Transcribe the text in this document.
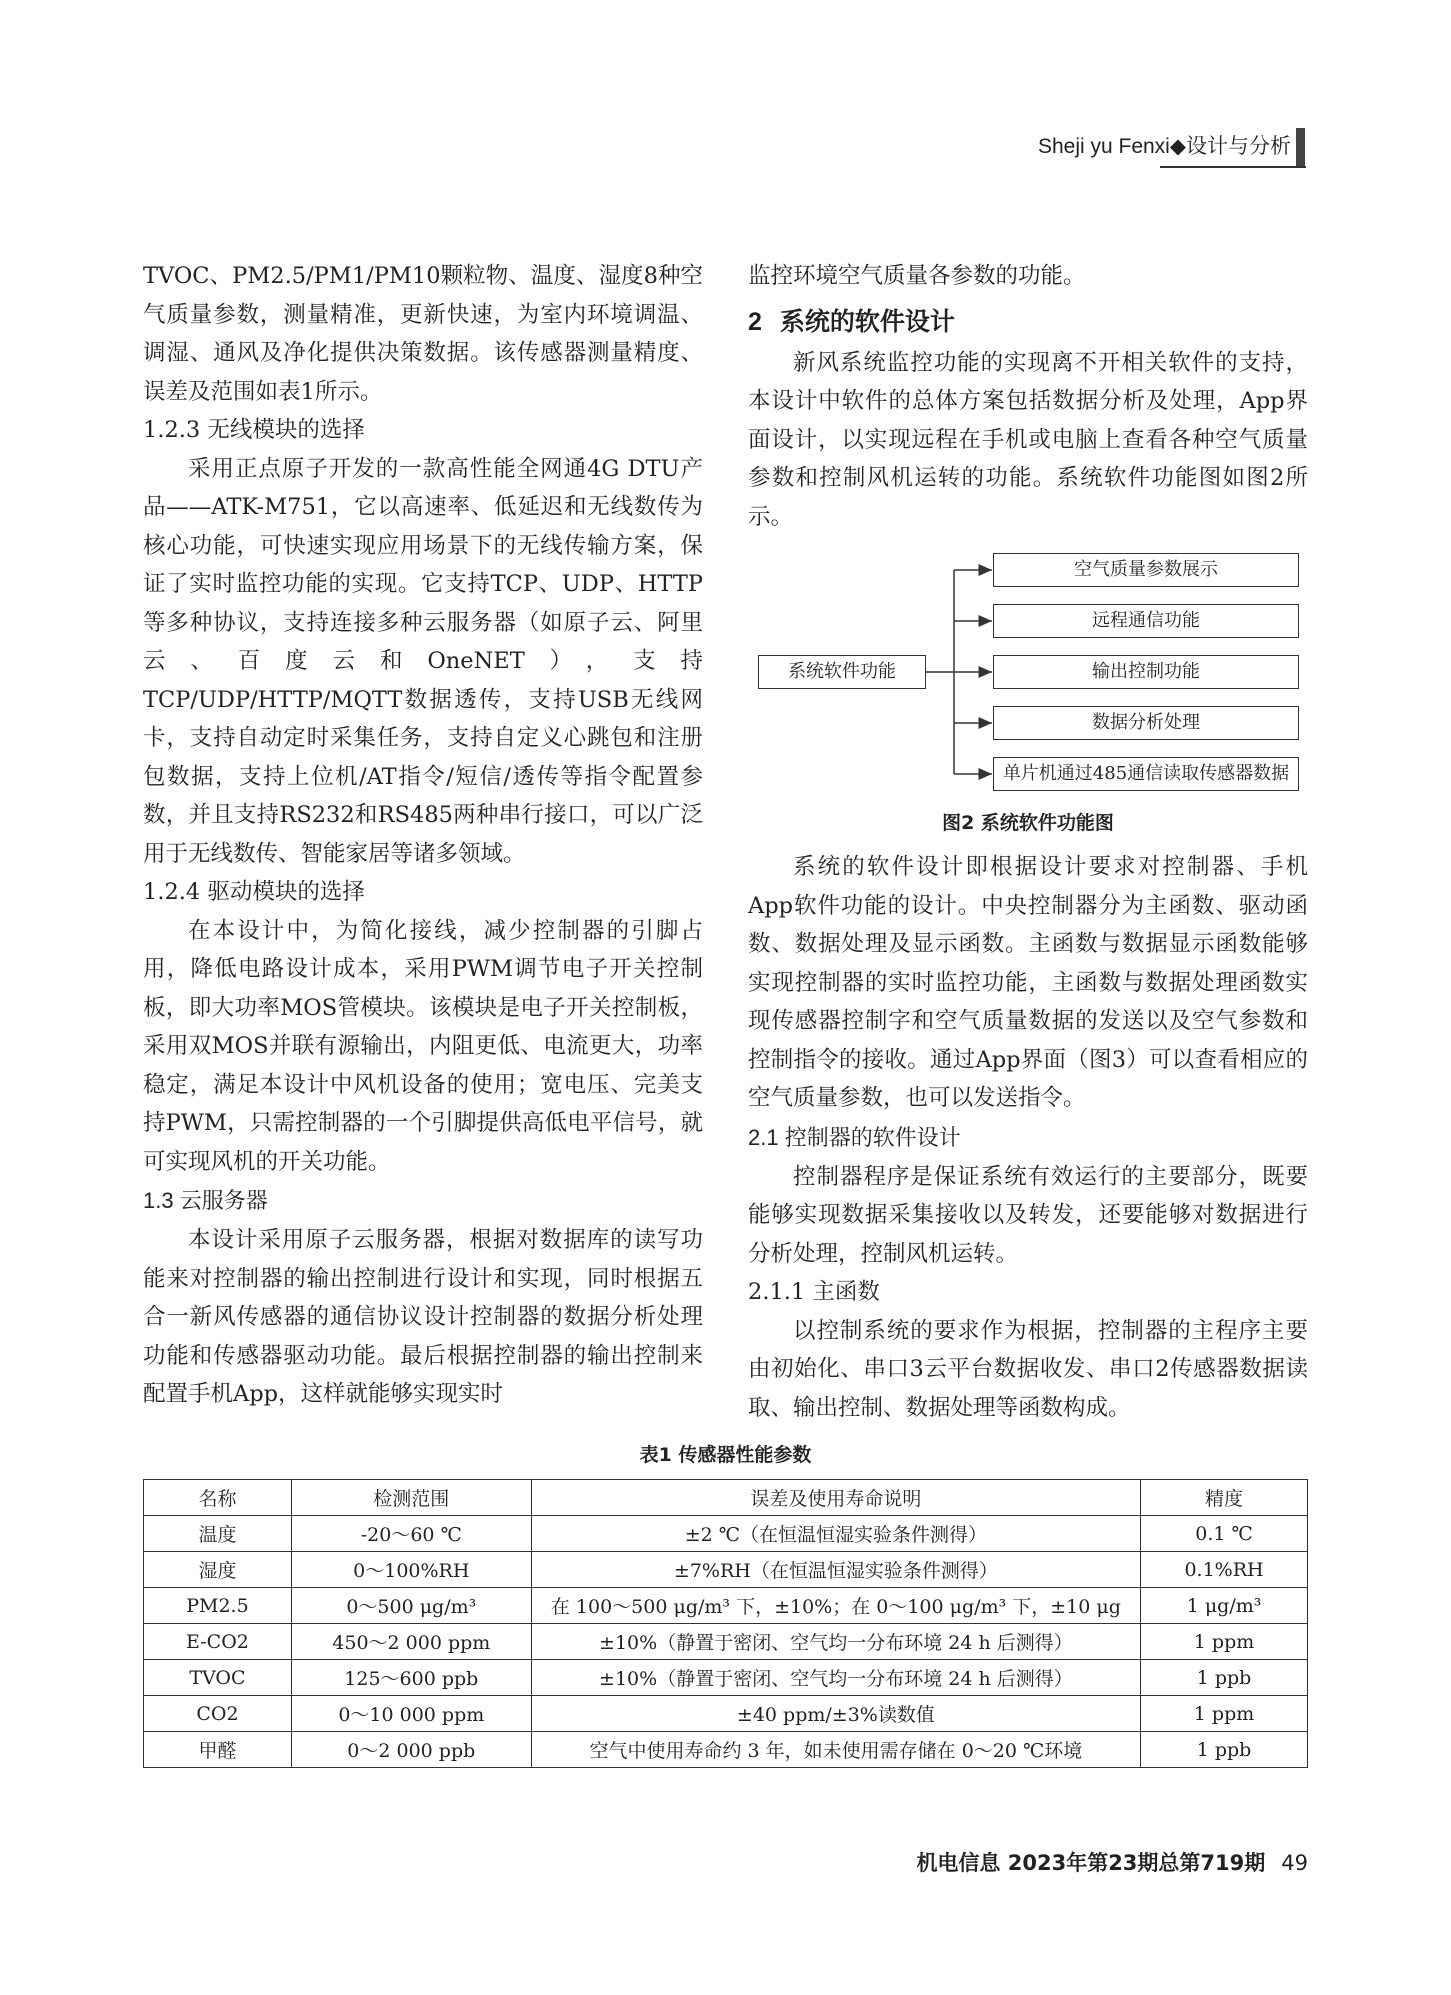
Sheji yu Fenxi◆设计与分析

TVOC、PM2.5/PM1/PM10颗粒物、温度、湿度8种空气质量参数，测量精准，更新快速，为室内环境调温、调湿、通风及净化提供决策数据。该传感器测量精度、误差及范围如表1所示。

1.2.3 无线模块的选择

采用正点原子开发的一款高性能全网通4G DTU产品——ATK-M751，它以高速率、低延迟和无线数传为核心功能，可快速实现应用场景下的无线传输方案，保证了实时监控功能的实现。它支持TCP、UDP、HTTP等多种协议，支持连接多种云服务器（如原子云、阿里云、百度云和OneNET），支持TCP/UDP/HTTP/MQTT数据透传，支持USB无线网卡，支持自动定时采集任务，支持自定义心跳包和注册包数据，支持上位机/AT指令/短信/透传等指令配置参数，并且支持RS232和RS485两种串行接口，可以广泛用于无线数传、智能家居等诸多领域。

1.2.4 驱动模块的选择

在本设计中，为简化接线，减少控制器的引脚占用，降低电路设计成本，采用PWM调节电子开关控制板，即大功率MOS管模块。该模块是电子开关控制板，采用双MOS并联有源输出，内阻更低、电流更大，功率稳定，满足本设计中风机设备的使用；宽电压、完美支持PWM，只需控制器的一个引脚提供高低电平信号，就可实现风机的开关功能。

1.3 云服务器

本设计采用原子云服务器，根据对数据库的读写功能来对控制器的输出控制进行设计和实现，同时根据五合一新风传感器的通信协议设计控制器的数据分析处理功能和传感器驱动功能。最后根据控制器的输出控制来配置手机App，这样就能够实现实时

监控环境空气质量各参数的功能。

2 系统的软件设计

新风系统监控功能的实现离不开相关软件的支持，本设计中软件的总体方案包括数据分析及处理，App界面设计，以实现远程在手机或电脑上查看各种空气质量参数和控制风机运转的功能。系统软件功能图如图2所示。

系统软件功能
空气质量参数展示
远程通信功能
输出控制功能
数据分析处理
单片机通过485通信读取传感器数据
图2 系统软件功能图

系统的软件设计即根据设计要求对控制器、手机App软件功能的设计。中央控制器分为主函数、驱动函数、数据处理及显示函数。主函数与数据显示函数能够实现控制器的实时监控功能，主函数与数据处理函数实现传感器控制字和空气质量数据的发送以及空气参数和控制指令的接收。通过App界面（图3）可以查看相应的空气质量参数，也可以发送指令。

2.1 控制器的软件设计

控制器程序是保证系统有效运行的主要部分，既要能够实现数据采集接收以及转发，还要能够对数据进行分析处理，控制风机运转。

2.1.1 主函数

以控制系统的要求作为根据，控制器的主程序主要由初始化、串口3云平台数据收发、串口2传感器数据读取、输出控制、数据处理等函数构成。

表1 传感器性能参数
名称	检测范围	误差及使用寿命说明	精度
温度	-20～60 ℃	±2 ℃（在恒温恒湿实验条件测得）	0.1 ℃
湿度	0～100%RH	±7%RH（在恒温恒湿实验条件测得）	0.1%RH
PM2.5	0～500 μg/m³	在 100～500 μg/m³ 下，±10%；在 0～100 μg/m³ 下，±10 μg	1 μg/m³
E-CO2	450～2 000 ppm	±10%（静置于密闭、空气均一分布环境 24 h 后测得）	1 ppm
TVOC	125～600 ppb	±10%（静置于密闭、空气均一分布环境 24 h 后测得）	1 ppb
CO2	0～10 000 ppm	±40 ppm/±3%读数值	1 ppm
甲醛	0～2 000 ppb	空气中使用寿命约 3 年，如未使用需存储在 0～20 ℃环境	1 ppb
机电信息 2023年第23期总第719期 49
